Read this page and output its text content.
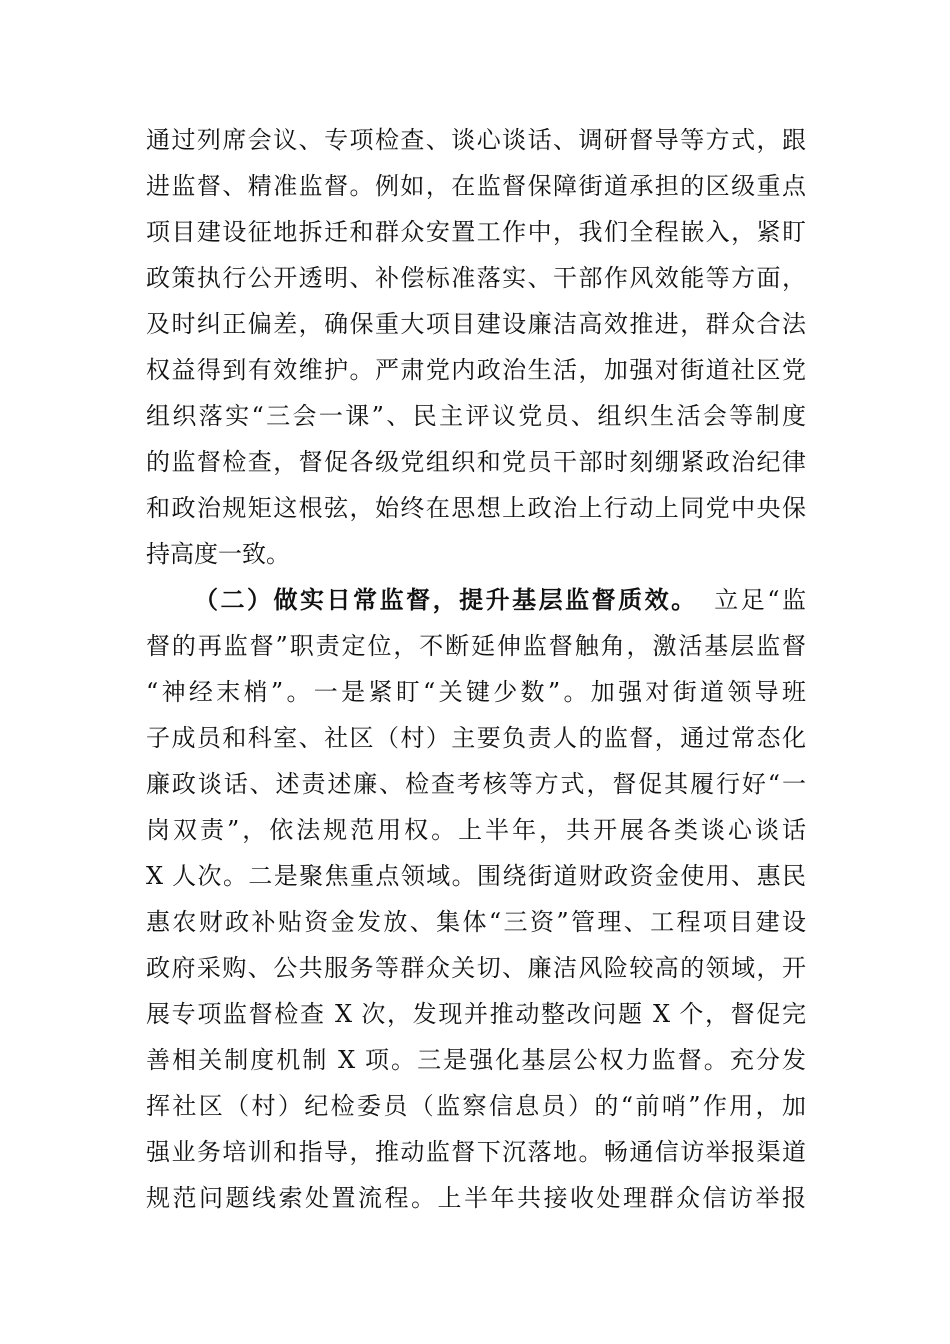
通过列席会议、专项检查、谈心谈话、调研督导等方式，跟
进监督、精准监督。例如，在监督保障街道承担的区级重点
项目建设征地拆迁和群众安置工作中，我们全程嵌入，紧盯
政策执行公开透明、补偿标准落实、干部作风效能等方面，
及时纠正偏差，确保重大项目建设廉洁高效推进，群众合法
权益得到有效维护。严肃党内政治生活，加强对街道社区党
组织落实“三会一课”、民主评议党员、组织生活会等制度
的监督检查，督促各级党组织和党员干部时刻绷紧政治纪律
和政治规矩这根弦，始终在思想上政治上行动上同党中央保
持高度一致。
（二）做实日常监督，提升基层监督质效。 立足“监
督的再监督”职责定位，不断延伸监督触角，激活基层监督
“神经末梢”。一是紧盯“关键少数”。加强对街道领导班
子成员和科室、社区（村）主要负责人的监督，通过常态化
廉政谈话、述责述廉、检查考核等方式，督促其履行好“一
岗双责”，依法规范用权。上半年，共开展各类谈心谈话
X 人次。二是聚焦重点领域。围绕街道财政资金使用、惠民
惠农财政补贴资金发放、集体“三资”管理、工程项目建设
政府采购、公共服务等群众关切、廉洁风险较高的领域，开
展专项监督检查 X 次，发现并推动整改问题 X 个，督促完
善相关制度机制 X 项。三是强化基层公权力监督。充分发
挥社区（村）纪检委员（监察信息员）的“前哨”作用，加
强业务培训和指导，推动监督下沉落地。畅通信访举报渠道
规范问题线索处置流程。上半年共接收处理群众信访举报
